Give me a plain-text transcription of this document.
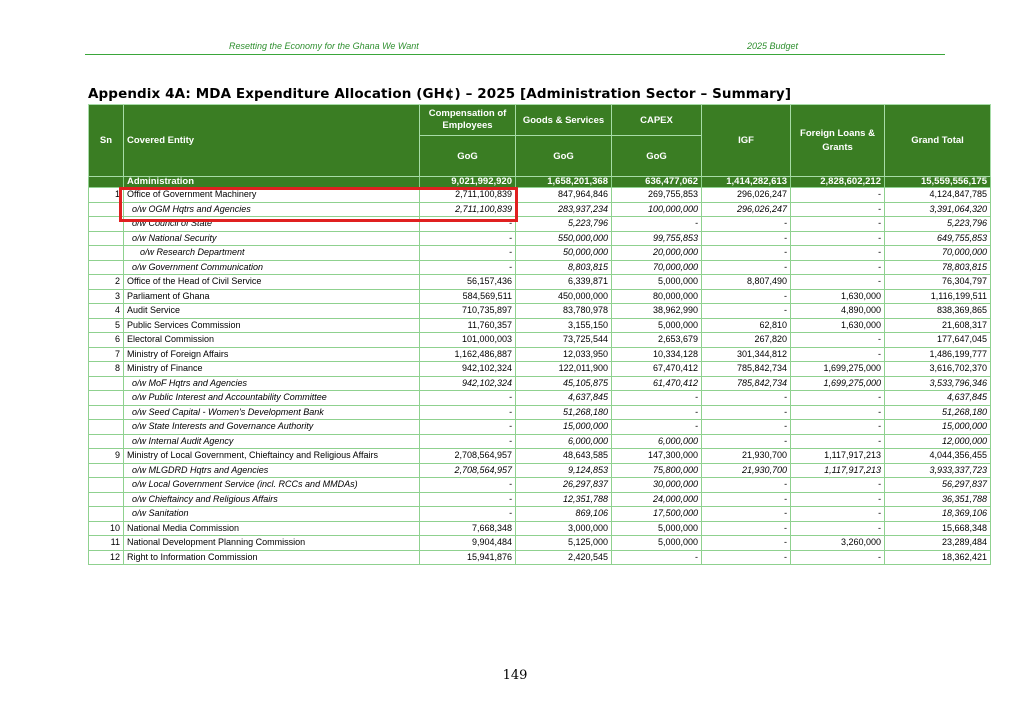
Resetting the Economy for the Ghana We Want	2025 Budget
Appendix 4A: MDA Expenditure Allocation (GH¢) – 2025 [Administration Sector – Summary]
Sn	Covered Entity	Compensation of Employees	Goods & Services	CAPEX	IGF	Foreign Loans & Grants	Grand Total
		GoG	GoG	GoG			
	Administration	9,021,992,920	1,658,201,368	636,477,062	1,414,282,613	2,828,602,212	15,559,556,175
1	Office of Government Machinery	2,711,100,839	847,964,846	269,755,853	296,026,247	-	4,124,847,785
	o/w OGM Hqtrs and Agencies	2,711,100,839	283,937,234	100,000,000	296,026,247	-	3,391,064,320
	o/w Council of State	-	5,223,796	-	-	-	5,223,796
	o/w National Security	-	550,000,000	99,755,853	-	-	649,755,853
	o/w Research Department	-	50,000,000	20,000,000	-	-	70,000,000
	o/w Government Communication	-	8,803,815	70,000,000	-	-	78,803,815
2	Office of the Head of Civil Service	56,157,436	6,339,871	5,000,000	8,807,490	-	76,304,797
3	Parliament of Ghana	584,569,511	450,000,000	80,000,000	-	1,630,000	1,116,199,511
4	Audit Service	710,735,897	83,780,978	38,962,990	-	4,890,000	838,369,865
5	Public Services Commission	11,760,357	3,155,150	5,000,000	62,810	1,630,000	21,608,317
6	Electoral Commission	101,000,003	73,725,544	2,653,679	267,820	-	177,647,045
7	Ministry of Foreign Affairs	1,162,486,887	12,033,950	10,334,128	301,344,812	-	1,486,199,777
8	Ministry of Finance	942,102,324	122,011,900	67,470,412	785,842,734	1,699,275,000	3,616,702,370
	o/w MoF Hqtrs and Agencies	942,102,324	45,105,875	61,470,412	785,842,734	1,699,275,000	3,533,796,346
	o/w Public Interest and Accountability Committee	-	4,637,845	-	-	-	4,637,845
	o/w Seed Capital - Women's Development Bank	-	51,268,180	-	-	-	51,268,180
	o/w State Interests and Governance Authority	-	15,000,000	-	-	-	15,000,000
	o/w Internal Audit Agency	-	6,000,000	6,000,000	-	-	12,000,000
9	Ministry of Local Government, Chieftaincy and Religious Affairs	2,708,564,957	48,643,585	147,300,000	21,930,700	1,117,917,213	4,044,356,455
	o/w MLGDRD Hqtrs and Agencies	2,708,564,957	9,124,853	75,800,000	21,930,700	1,117,917,213	3,933,337,723
	o/w Local Government Service (incl. RCCs and MMDAs)	-	26,297,837	30,000,000	-	-	56,297,837
	o/w Chieftaincy and Religious Affairs	-	12,351,788	24,000,000	-	-	36,351,788
	o/w Sanitation	-	869,106	17,500,000	-	-	18,369,106
10	National Media Commission	7,668,348	3,000,000	5,000,000	-	-	15,668,348
11	National Development Planning Commission	9,904,484	5,125,000	5,000,000	-	3,260,000	23,289,484
12	Right to Information Commission	15,941,876	2,420,545	-	-	-	18,362,421
149
